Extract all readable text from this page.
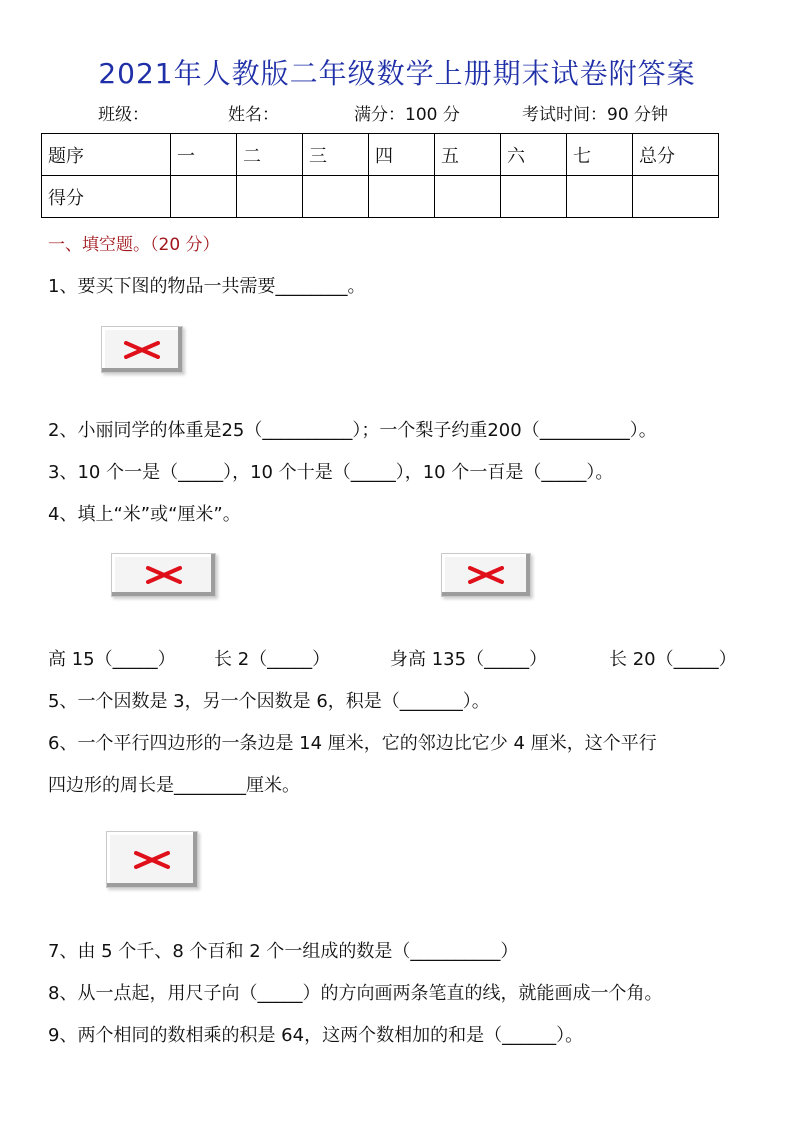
2021年人教版二年级数学上册期末试卷附答案
班级：	姓名：	满分：100 分	考试时间：90 分钟
题序	一	二	三	四	五	六	七	总分
得分								
一、填空题。（20 分）
1、要买下图的物品一共需要________。
2、小丽同学的体重是25（__________）；一个梨子约重200（__________）。
3、10 个一是（_____），10 个十是（_____），10 个一百是（_____）。
4、填上“米”或“厘米”。
高 15（_____） 长 2（_____）	身高 135（_____）	长 20（_____）
5、一个因数是 3，另一个因数是 6，积是（_______）。
6、一个平行四边形的一条边是 14 厘米，它的邻边比它少 4 厘米，这个平行
四边形的周长是________厘米。
7、由 5 个千、8 个百和 2 个一组成的数是（__________）
8、从一点起，用尺子向（_____）的方向画两条笔直的线，就能画成一个角。
9、两个相同的数相乘的积是 64，这两个数相加的和是（______）。
